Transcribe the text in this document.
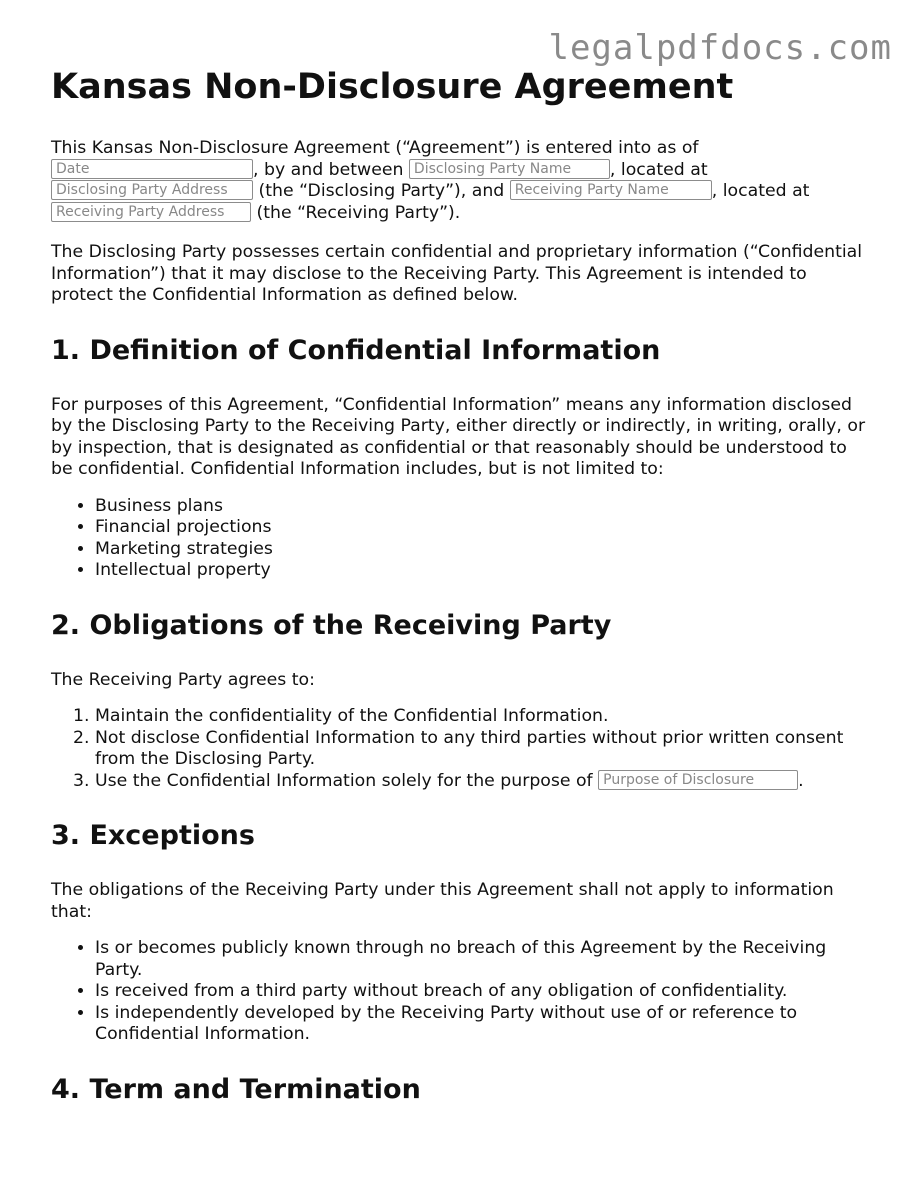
legalpdfdocs.com
Kansas Non-Disclosure Agreement

This Kansas Non-Disclosure Agreement (“Agreement”) is entered into as of
Date	, by and between Disclosing Party Name , located at
Disclosing Party Address (the “Disclosing Party”), and Receiving Party Name , located at
Receiving Party Address (the “Receiving Party”).

The Disclosing Party possesses certain confidential and proprietary information (“Confidential Information”) that it may disclose to the Receiving Party. This Agreement is intended to protect the Confidential Information as defined below.

1. Definition of Confidential Information

For purposes of this Agreement, “Confidential Information” means any information disclosed by the Disclosing Party to the Receiving Party, either directly or indirectly, in writing, orally, or by inspection, that is designated as confidential or that reasonably should be understood to be confidential. Confidential Information includes, but is not limited to:

• Business plans
• Financial projections
• Marketing strategies
• Intellectual property
2. Obligations of the Receiving Party

The Receiving Party agrees to:

1. Maintain the confidentiality of the Confidential Information.
2. Not disclose Confidential Information to any third parties without prior written consent from the Disclosing Party.
3. Use the Confidential Information solely for the purpose of Purpose of Disclosure	.
3. Exceptions

The obligations of the Receiving Party under this Agreement shall not apply to information that:

• Is or becomes publicly known through no breach of this Agreement by the Receiving Party.
• Is received from a third party without breach of any obligation of confidentiality.
• Is independently developed by the Receiving Party without use of or reference to Confidential Information.
4. Term and Termination
